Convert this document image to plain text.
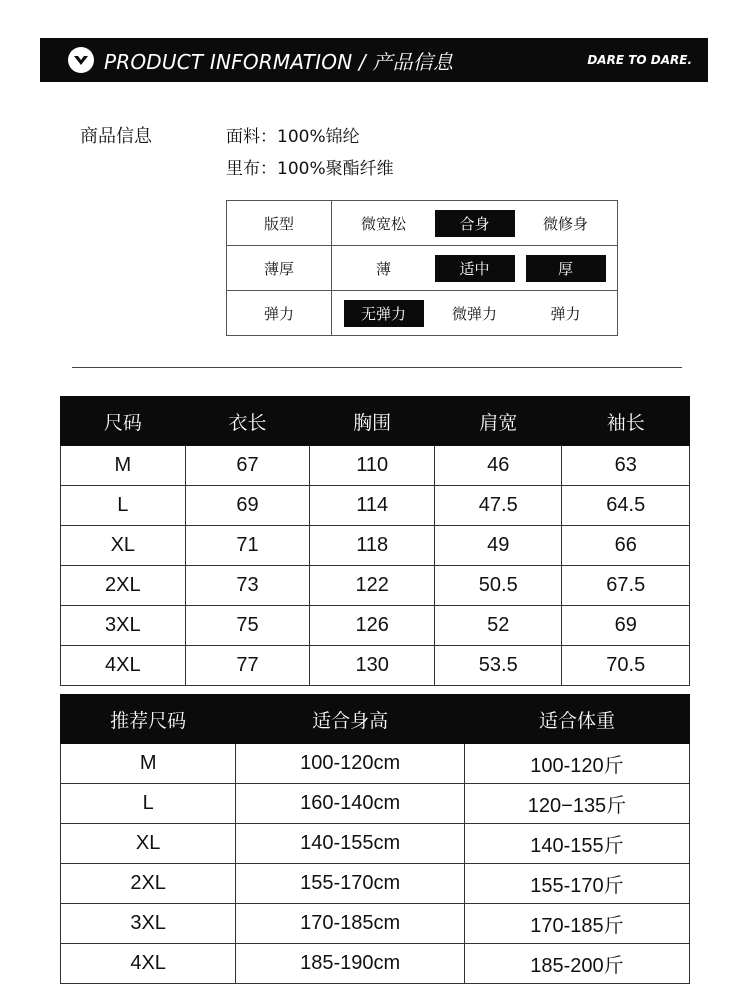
PRODUCT INFORMATION / 产品信息	DARE TO DARE.
商品信息	面料：100%锦纶
里布：100%聚酯纤维
版型	微宽松 合身 微修身

薄厚	薄 适中 厚

弹力	无弹力 微弹力 弹力
尺码	衣长	胸围	肩宽	袖长
M	67	110	46	63
L	69	114	47.5	64.5
XL	71	118	49	66
2XL	73	122	50.5	67.5
3XL	75	126	52	69
4XL	77	130	53.5	70.5
推荐尺码	适合身高	适合体重
M	100-120cm	100-120斤
L	160-140cm	120−135斤
XL	140-155cm	140-155斤
2XL	155-170cm	155-170斤
3XL	170-185cm	170-185斤
4XL	185-190cm	185-200斤
